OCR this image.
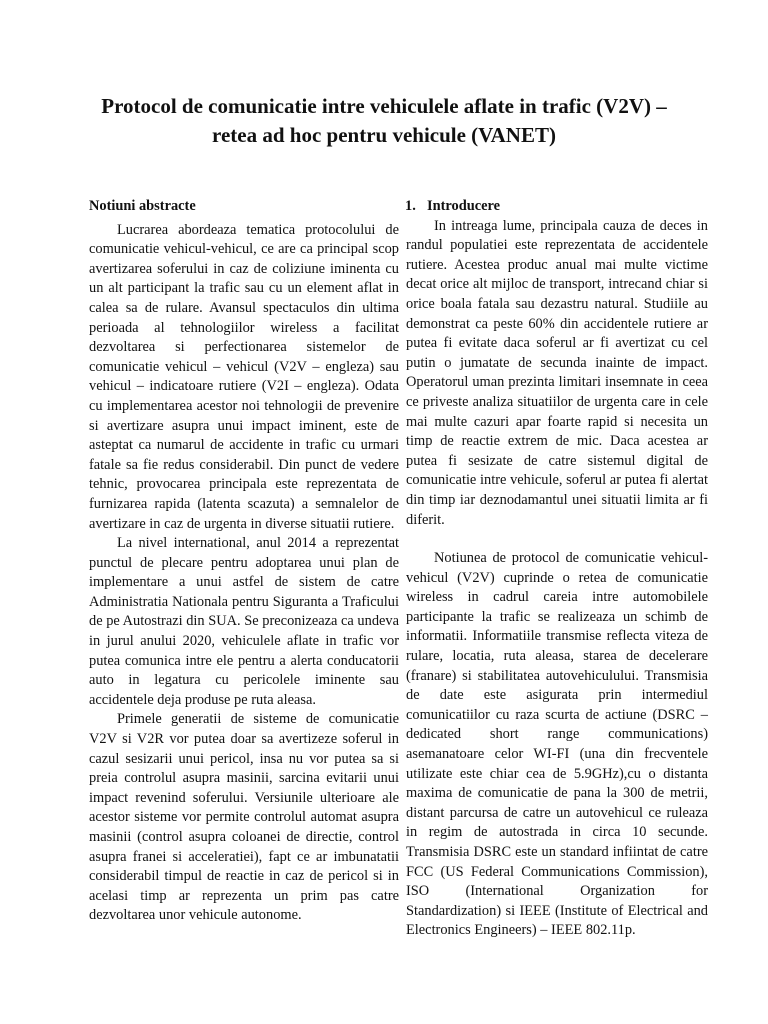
Protocol de comunicatie intre vehiculele aflate in trafic (V2V) –
retea ad hoc pentru vehicule (VANET)
Notiuni abstracte

Lucrarea abordeaza tematica protocolului de comunicatie vehicul-vehicul, ce are ca principal scop avertizarea soferului in caz de coliziune iminenta cu un alt participant la trafic sau cu un element aflat in calea sa de rulare. Avansul spectaculos din ultima perioada al tehnologiilor wireless a facilitat dezvoltarea si perfectionarea sistemelor de comunicatie vehicul – vehicul (V2V – engleza) sau vehicul – indicatoare rutiere (V2I – engleza). Odata cu implementarea acestor noi tehnologii de prevenire si avertizare asupra unui impact iminent, este de asteptat ca numarul de accidente in trafic cu urmari fatale sa fie redus considerabil. Din punct de vedere tehnic, provocarea principala este reprezentata de furnizarea rapida (latenta scazuta) a semnalelor de avertizare in caz de urgenta in diverse situatii rutiere.

La nivel international, anul 2014 a reprezentat punctul de plecare pentru adoptarea unui plan de implementare a unui astfel de sistem de catre Administratia Nationala pentru Siguranta a Traficului de pe Autostrazi din SUA. Se preconizeaza ca undeva in jurul anului 2020, vehiculele aflate in trafic vor putea comunica intre ele pentru a alerta conducatorii auto in legatura cu pericolele iminente sau accidentele deja produse pe ruta aleasa.

Primele generatii de sisteme de comunicatie V2V si V2R vor putea doar sa avertizeze soferul in cazul sesizarii unui pericol, insa nu vor putea sa si preia controlul asupra masinii, sarcina evitarii unui impact revenind soferului. Versiunile ulterioare ale acestor sisteme vor permite controlul automat asupra masinii (control asupra coloanei de directie, control asupra franei si acceleratiei), fapt ce ar imbunatatii considerabil timpul de reactie in caz de pericol si in acelasi timp ar reprezenta un prim pas catre dezvoltarea unor vehicule autonome.

1. Introducere

In intreaga lume, principala cauza de deces in randul populatiei este reprezentata de accidentele rutiere. Acestea produc anual mai multe victime decat orice alt mijloc de transport, intrecand chiar si orice boala fatala sau dezastru natural. Studiile au demonstrat ca peste 60% din accidentele rutiere ar putea fi evitate daca soferul ar fi avertizat cu cel putin o jumatate de secunda inainte de impact. Operatorul uman prezinta limitari insemnate in ceea ce priveste analiza situatiilor de urgenta care in cele mai multe cazuri apar foarte rapid si necesita un timp de reactie extrem de mic. Daca acestea ar putea fi sesizate de catre sistemul digital de comunicatie intre vehicule, soferul ar putea fi alertat din timp iar deznodamantul unei situatii limita ar fi diferit.

Notiunea de protocol de comunicatie vehicul-vehicul (V2V) cuprinde o retea de comunicatie wireless in cadrul careia intre automobilele participante la trafic se realizeaza un schimb de informatii. Informatiile transmise reflecta viteza de rulare, locatia, ruta aleasa, starea de decelerare (franare) si stabilitatea autovehiculului. Transmisia de date este asigurata prin intermediul comunicatiilor cu raza scurta de actiune (DSRC – dedicated short range communications) asemanatoare celor WI-FI (una din frecventele utilizate este chiar cea de 5.9GHz),cu o distanta maxima de comunicatie de pana la 300 de metrii, distant parcursa de catre un autovehicul ce ruleaza in regim de autostrada in circa 10 secunde. Transmisia DSRC este un standard infiintat de catre FCC (US Federal Communications Commission), ISO (International Organization for Standardization) si IEEE (Institute of Electrical and Electronics Engineers) – IEEE 802.11p.
